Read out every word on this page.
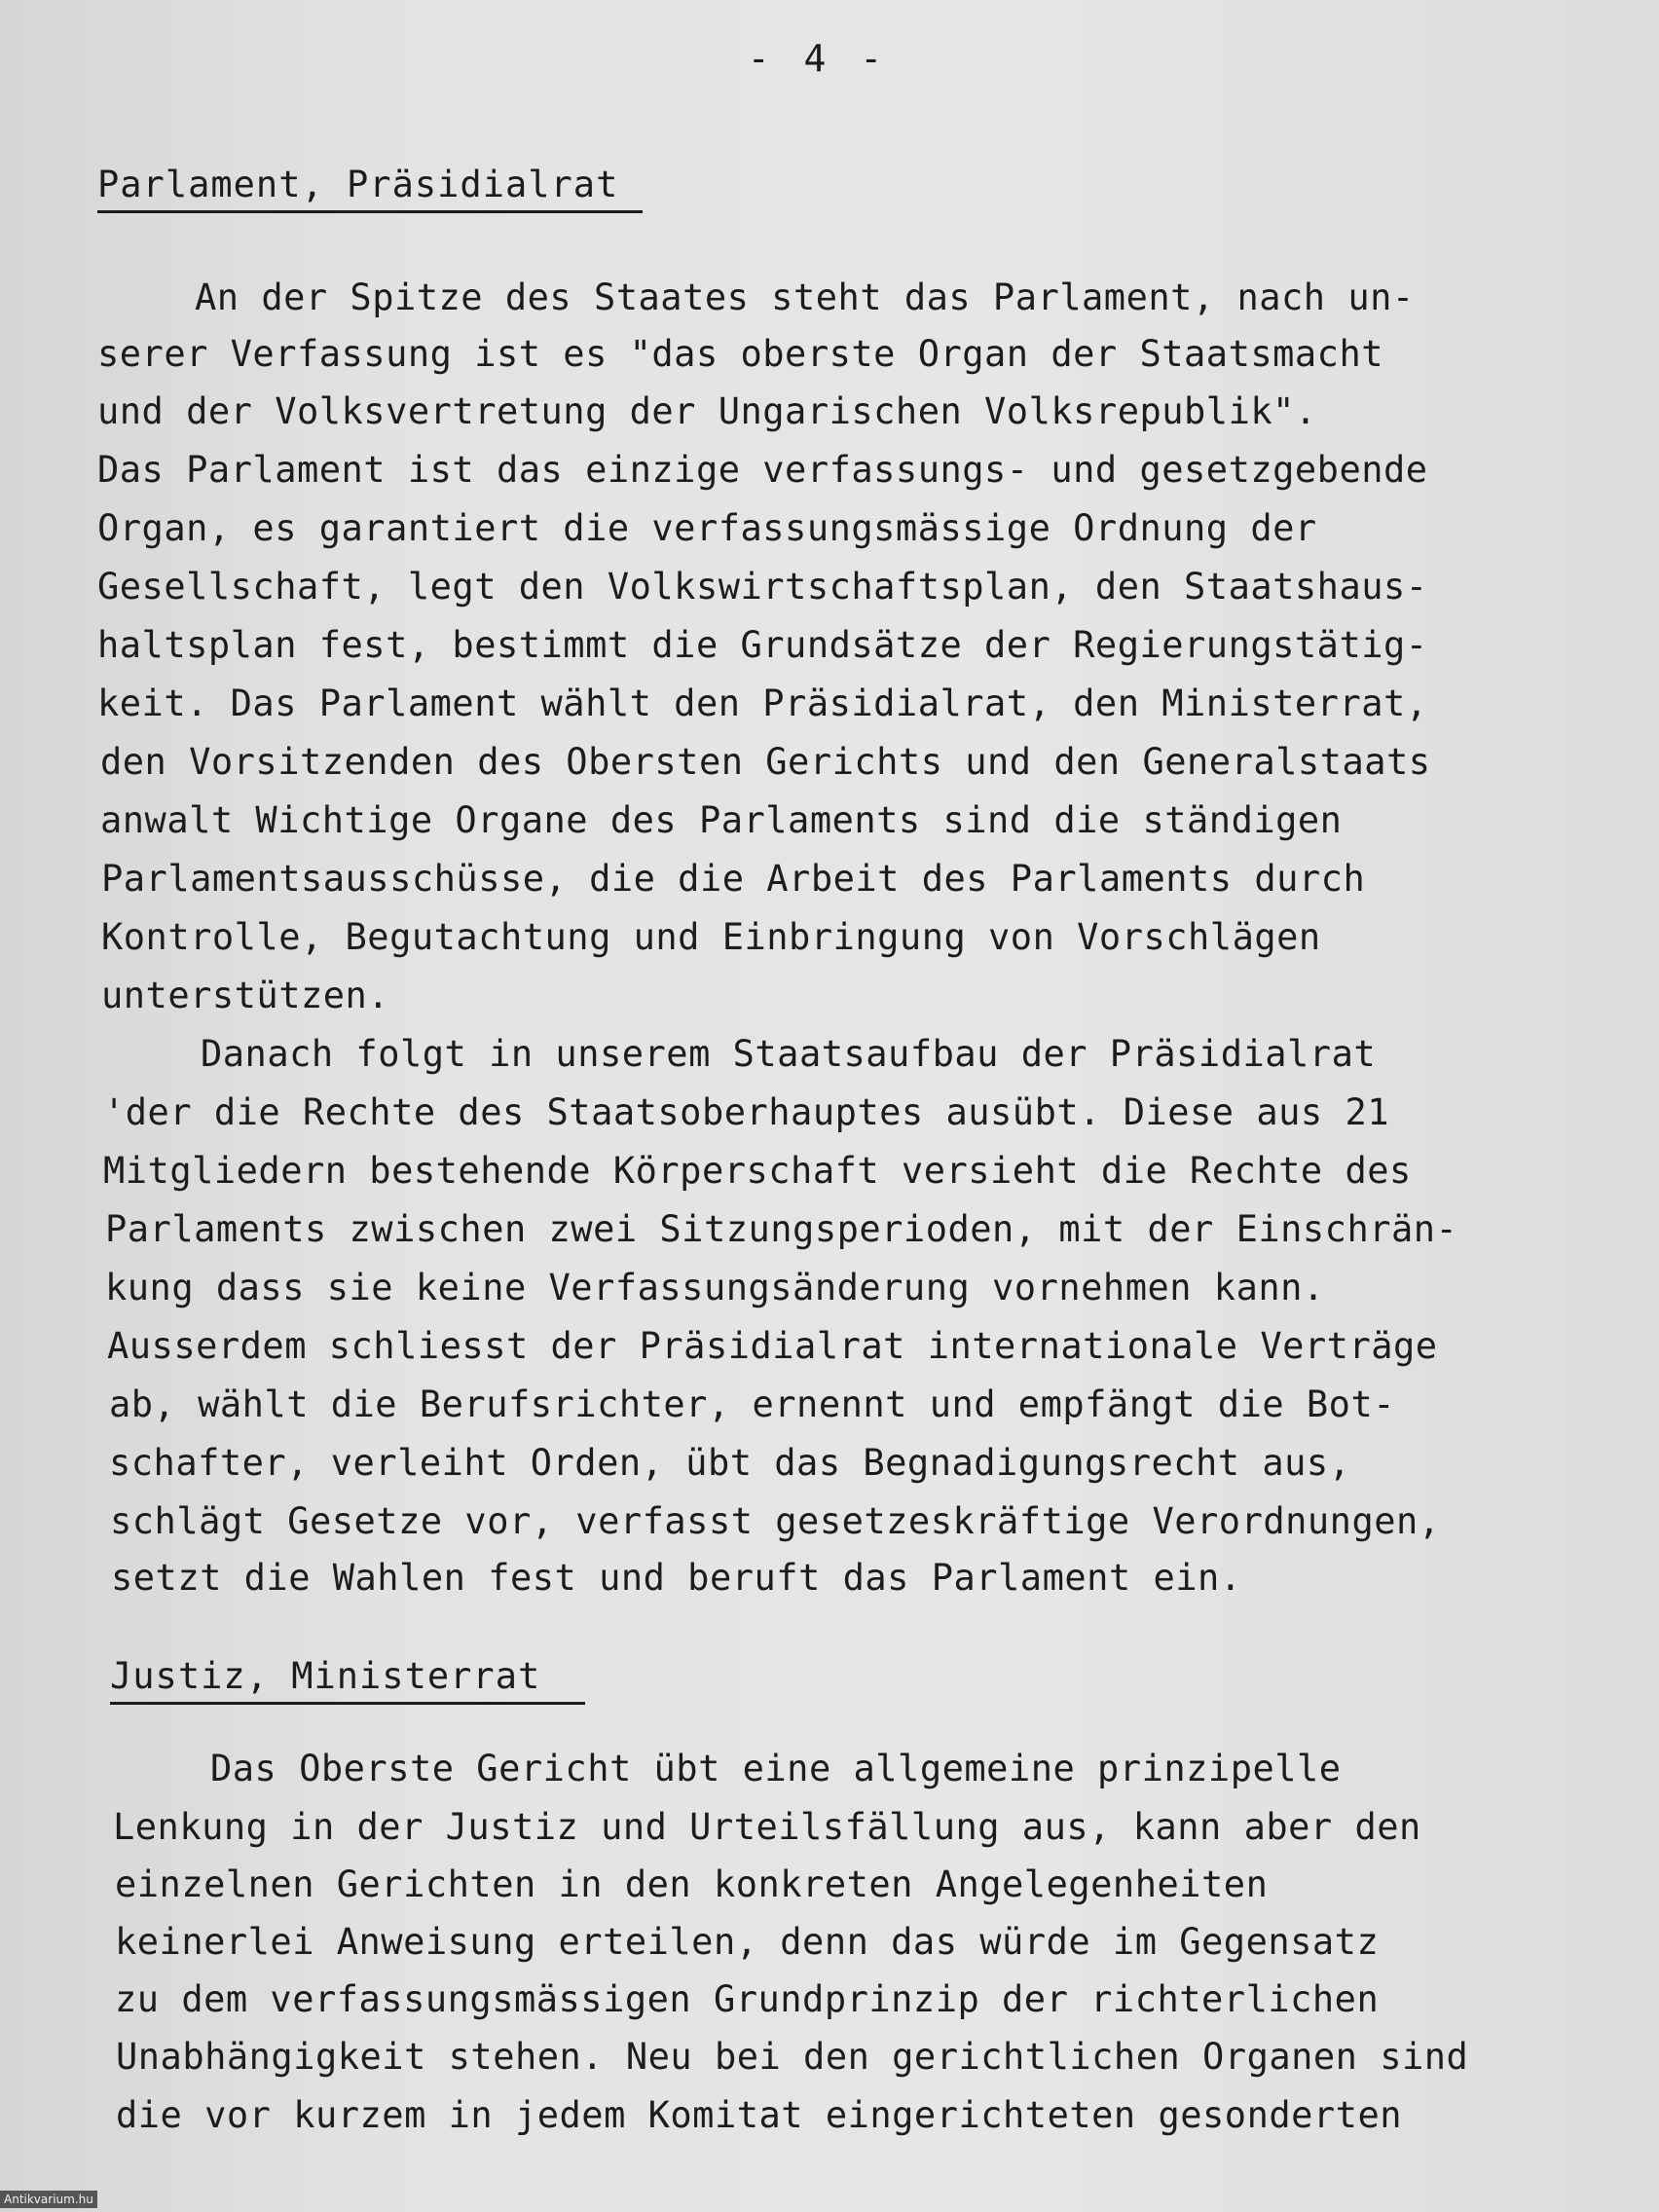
- 4 -
Parlament, Präsidialrat
An der Spitze des Staates steht das Parlament, nach un-
serer Verfassung ist es "das oberste Organ der Staatsmacht
und der Volksvertretung der Ungarischen Volksrepublik".
Das Parlament ist das einzige verfassungs- und gesetzgebende
Organ, es garantiert die verfassungsmässige Ordnung der
Gesellschaft, legt den Volkswirtschaftsplan, den Staatshaus-
haltsplan fest, bestimmt die Grundsätze der Regierungstätig-
keit. Das Parlament wählt den Präsidialrat, den Ministerrat,
den Vorsitzenden des Obersten Gerichts und den Generalstaats
anwalt Wichtige Organe des Parlaments sind die ständigen
Parlamentsausschüsse, die die Arbeit des Parlaments durch
Kontrolle, Begutachtung und Einbringung von Vorschlägen
unterstützen.
Danach folgt in unserem Staatsaufbau der Präsidialrat
'der die Rechte des Staatsoberhauptes ausübt. Diese aus 21
Mitgliedern bestehende Körperschaft versieht die Rechte des
Parlaments zwischen zwei Sitzungsperioden, mit der Einschrän-
kung dass sie keine Verfassungsänderung vornehmen kann.
Ausserdem schliesst der Präsidialrat internationale Verträge
ab, wählt die Berufsrichter, ernennt und empfängt die Bot-
schafter, verleiht Orden, übt das Begnadigungsrecht aus,
schlägt Gesetze vor, verfasst gesetzeskräftige Verordnungen,
setzt die Wahlen fest und beruft das Parlament ein.
Justiz, Ministerrat
Das Oberste Gericht übt eine allgemeine prinzipelle
Lenkung in der Justiz und Urteilsfällung aus, kann aber den
einzelnen Gerichten in den konkreten Angelegenheiten
keinerlei Anweisung erteilen, denn das würde im Gegensatz
zu dem verfassungsmässigen Grundprinzip der richterlichen
Unabhängigkeit stehen. Neu bei den gerichtlichen Organen sind
die vor kurzem in jedem Komitat eingerichteten gesonderten
Antikvarium.hu
